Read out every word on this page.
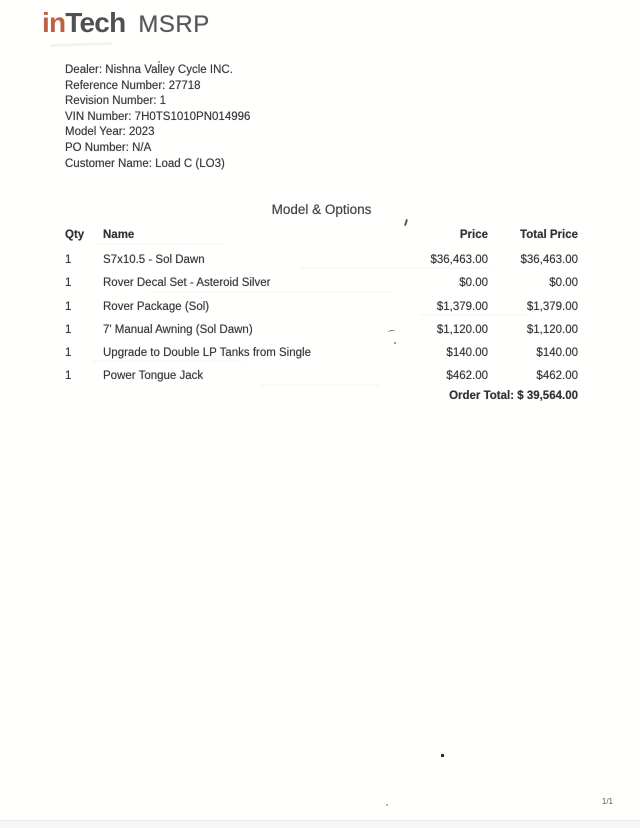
inTech MSRP
Dealer: Nishna Valley Cycle INC.
Reference Number: 27718
Revision Number: 1
VIN Number: 7H0TS1010PN014996
Model Year: 2023
PO Number: N/A
Customer Name: Load C (LO3)
Model & Options
Qty	Name	Price	Total Price
1	S7x10.5 - Sol Dawn	$36,463.00	$36,463.00
1	Rover Decal Set - Asteroid Silver	$0.00	$0.00
1	Rover Package (Sol)	$1,379.00	$1,379.00
1	7' Manual Awning (Sol Dawn)	$1,120.00	$1,120.00
1	Upgrade to Double LP Tanks from Single	$140.00	$140.00
1	Power Tongue Jack	$462.00	$462.00
Order Total: $ 39,564.00
1/1
